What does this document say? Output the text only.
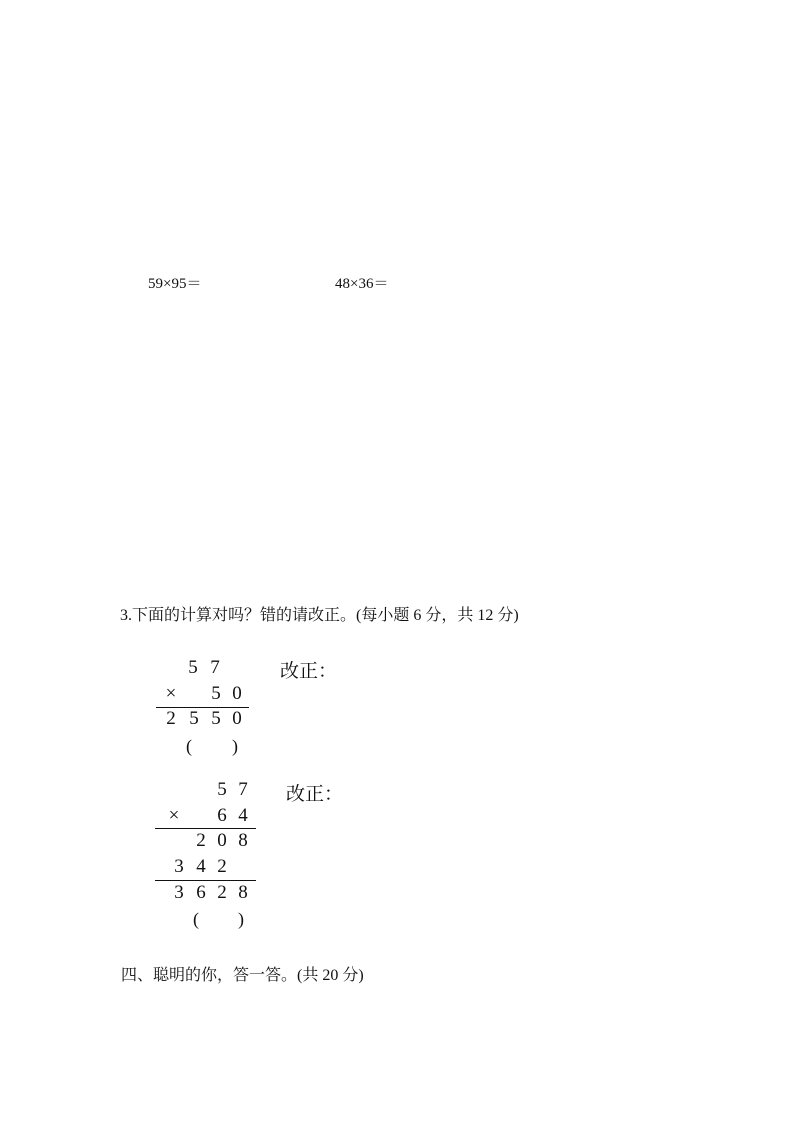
59×95＝	48×36＝
3.下面的计算对吗？错的请改正。(每小题 6 分，共 12 分)
5 7
× 5 0
2 5 5 0
( )
改正：
5 7
× 6 4
2 0 8
3 4 2
3 6 2 8
( )
改正：
四、聪明的你，答一答。(共 20 分)
